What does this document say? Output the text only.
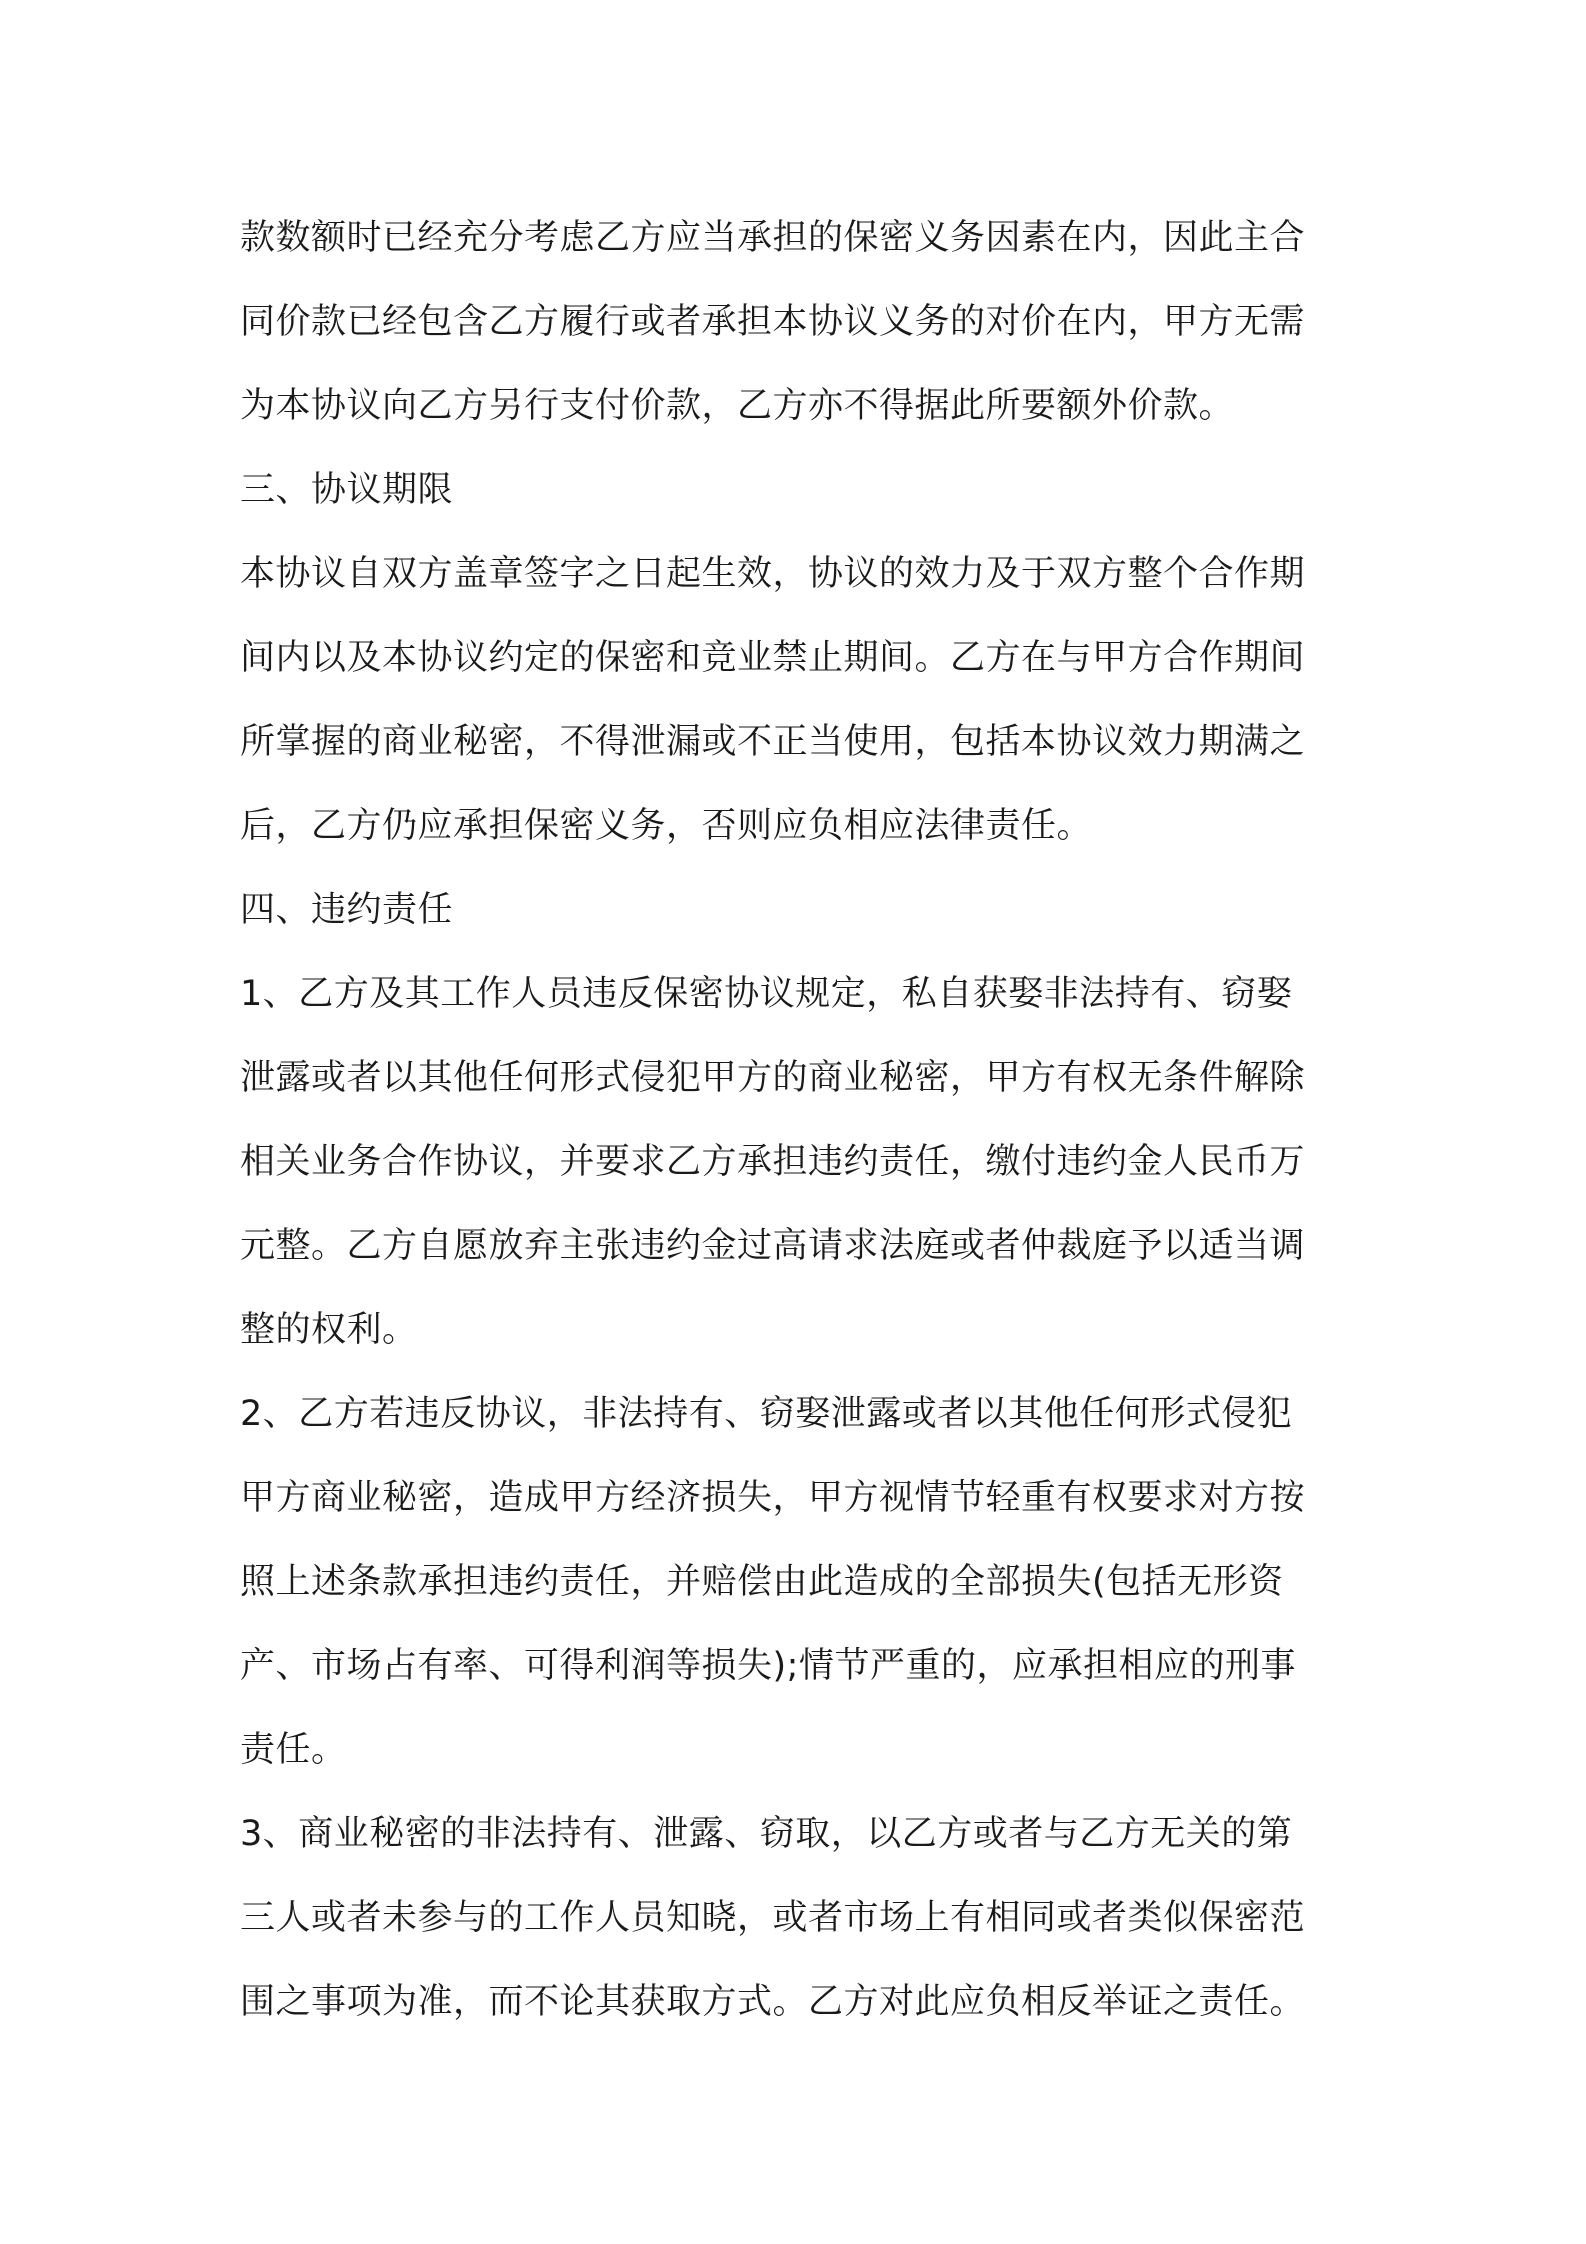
款数额时已经充分考虑乙方应当承担的保密义务因素在内，因此主合
同价款已经包含乙方履行或者承担本协议义务的对价在内，甲方无需
为本协议向乙方另行支付价款，乙方亦不得据此所要额外价款。
三、协议期限
本协议自双方盖章签字之日起生效，协议的效力及于双方整个合作期
间内以及本协议约定的保密和竞业禁止期间。乙方在与甲方合作期间
所掌握的商业秘密，不得泄漏或不正当使用，包括本协议效力期满之
后，乙方仍应承担保密义务，否则应负相应法律责任。
四、违约责任
1、乙方及其工作人员违反保密协议规定，私自获娶非法持有、窃娶
泄露或者以其他任何形式侵犯甲方的商业秘密，甲方有权无条件解除
相关业务合作协议，并要求乙方承担违约责任，缴付违约金人民币万
元整。乙方自愿放弃主张违约金过高请求法庭或者仲裁庭予以适当调
整的权利。
2、乙方若违反协议，非法持有、窃娶泄露或者以其他任何形式侵犯
甲方商业秘密，造成甲方经济损失，甲方视情节轻重有权要求对方按
照上述条款承担违约责任，并赔偿由此造成的全部损失(包括无形资
产、市场占有率、可得利润等损失);情节严重的，应承担相应的刑事
责任。
3、商业秘密的非法持有、泄露、窃取，以乙方或者与乙方无关的第
三人或者未参与的工作人员知晓，或者市场上有相同或者类似保密范
围之事项为准，而不论其获取方式。乙方对此应负相反举证之责任。
